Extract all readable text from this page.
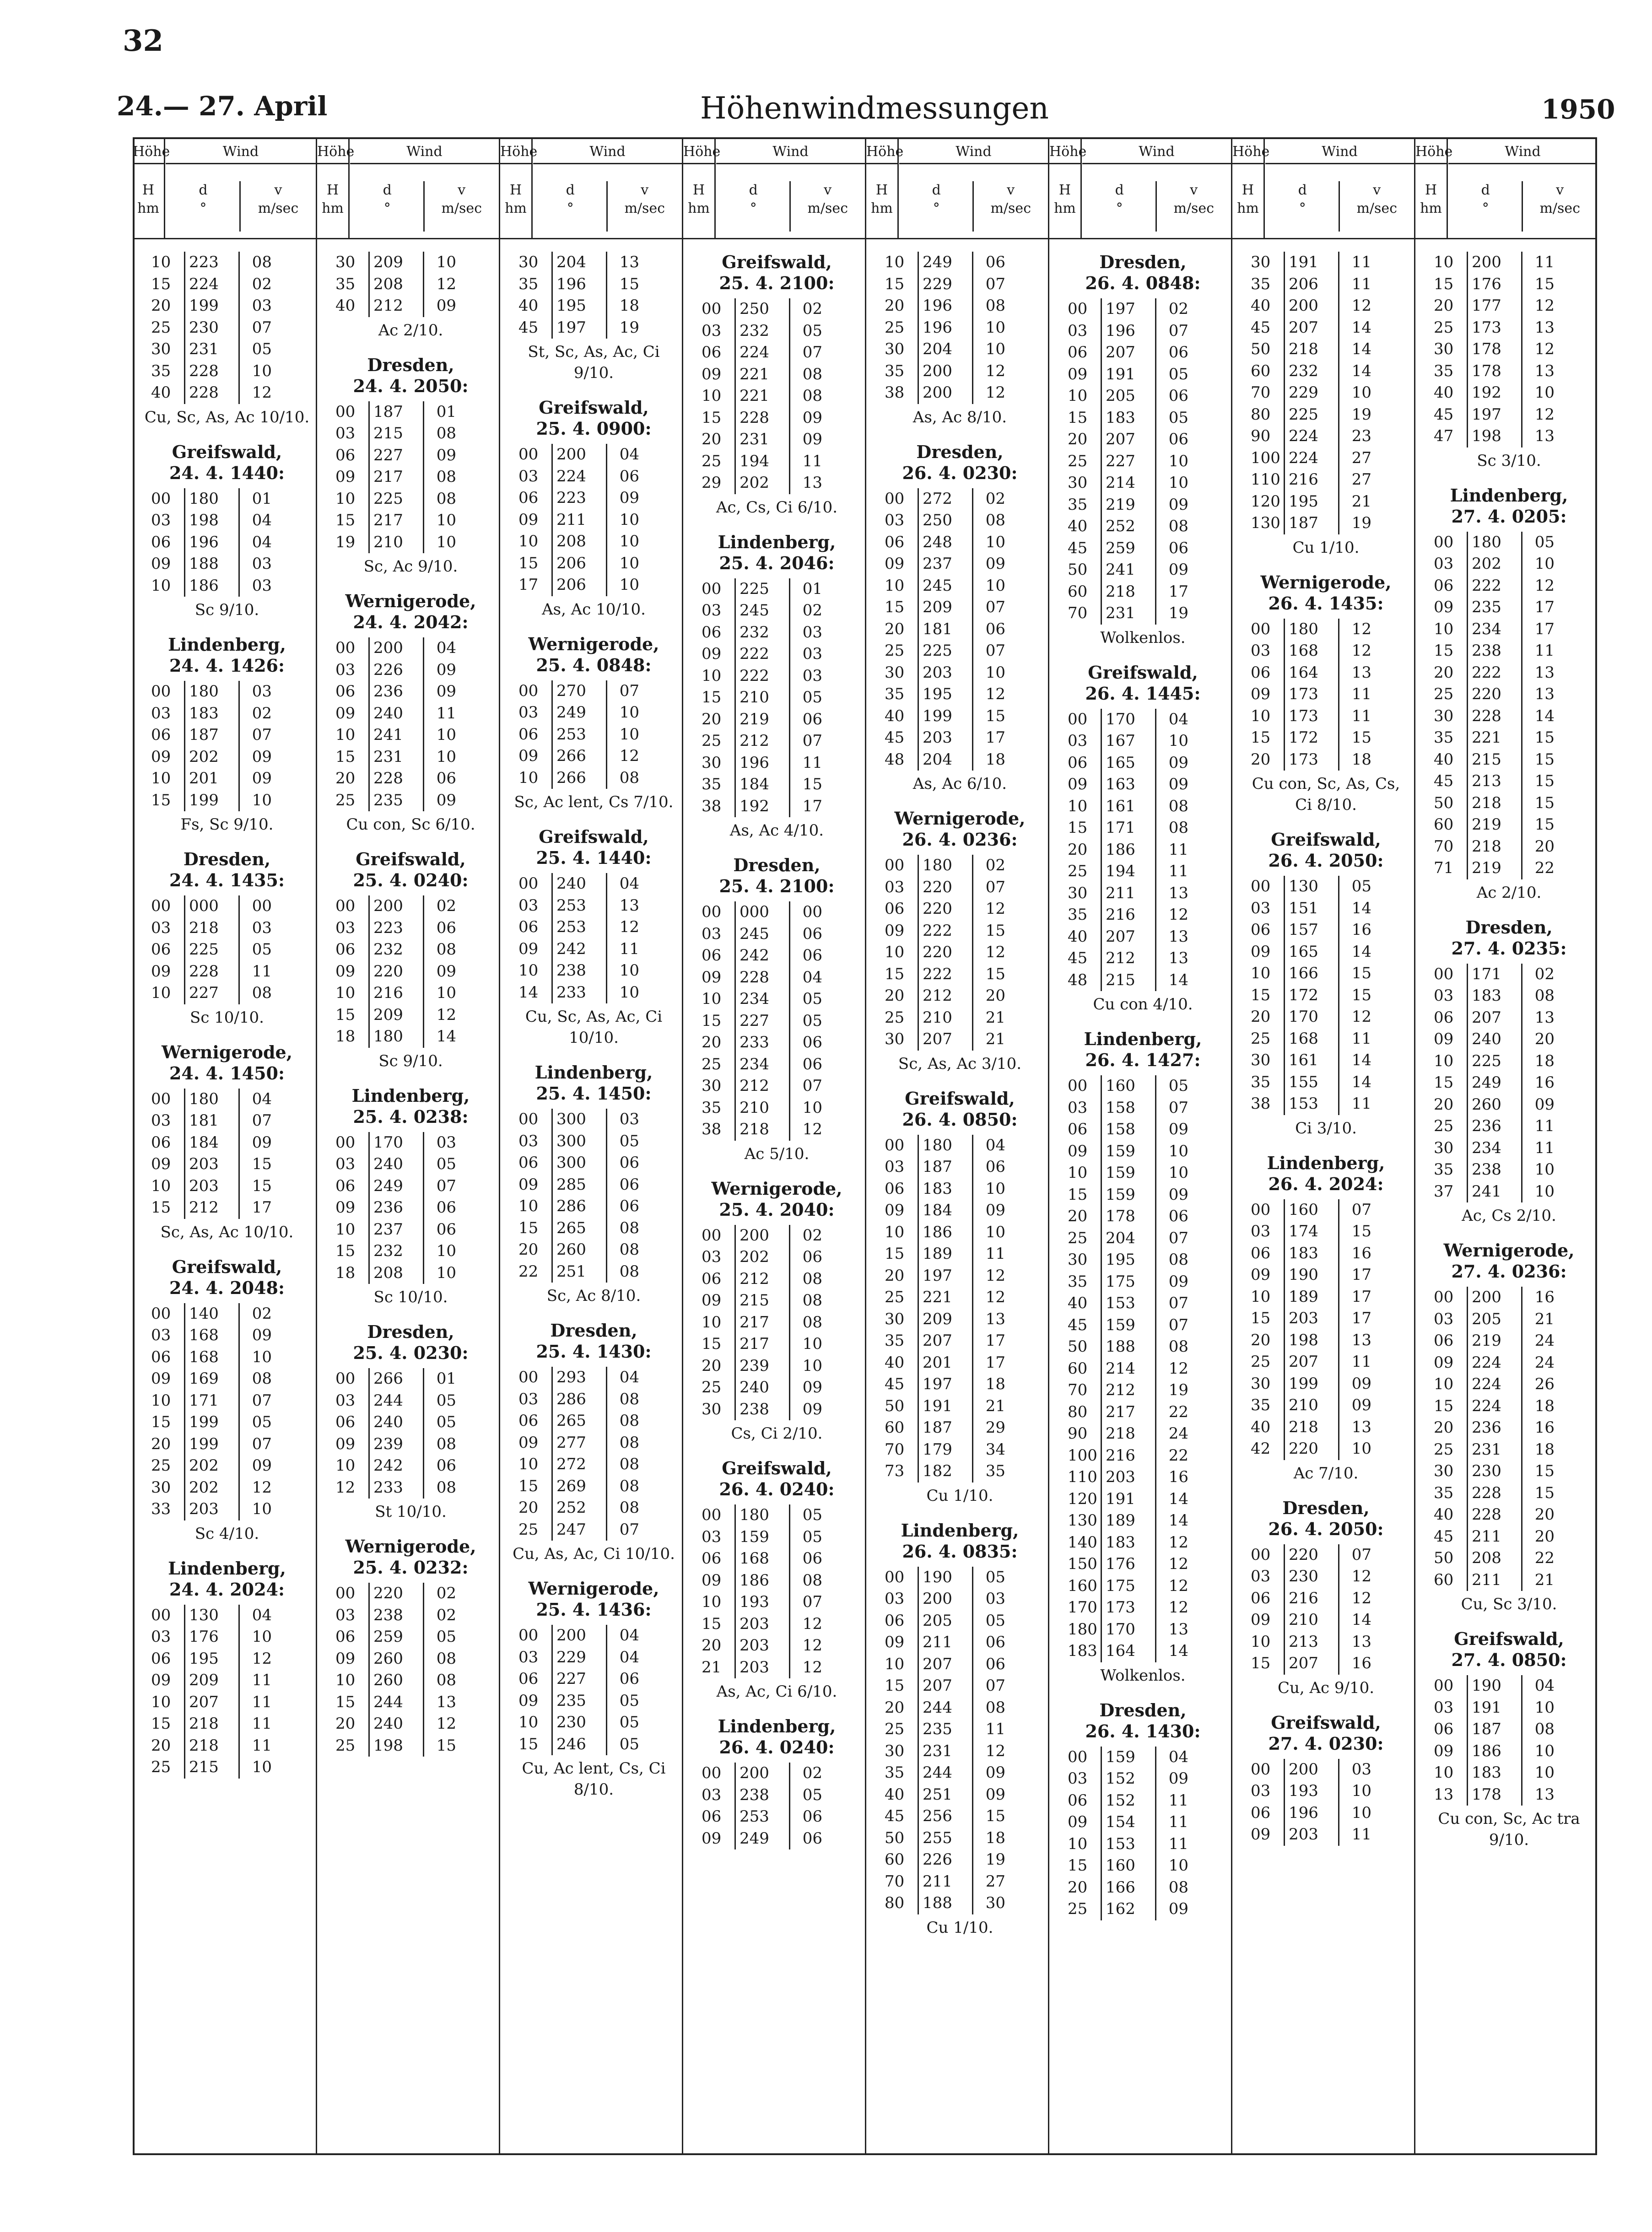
32
24.— 27. April	Höhenwindmessungen	1950
Höhe
H
hm
Wind
d
°
v
m/sec
10	223	08
15	224	02
20	199	03
25	230	07
30	231	05
35	228	10
40	228	12
Cu, Sc, As, Ac 10/10.
Greifswald,
24. 4. 1440:
00	180	01
03	198	04
06	196	04
09	188	03
10	186	03
Sc 9/10.
Lindenberg,
24. 4. 1426:
00	180	03
03	183	02
06	187	07
09	202	09
10	201	09
15	199	10
Fs, Sc 9/10.
Dresden,
24. 4. 1435:
00	000	00
03	218	03
06	225	05
09	228	11
10	227	08
Sc 10/10.
Wernigerode,
24. 4. 1450:
00	180	04
03	181	07
06	184	09
09	203	15
10	203	15
15	212	17
Sc, As, Ac 10/10.
Greifswald,
24. 4. 2048:
00	140	02
03	168	09
06	168	10
09	169	08
10	171	07
15	199	05
20	199	07
25	202	09
30	202	12
33	203	10
Sc 4/10.
Lindenberg,
24. 4. 2024:
00	130	04
03	176	10
06	195	12
09	209	11
10	207	11
15	218	11
20	218	11
25	215	10
Höhe
H
hm
Wind
d
°
v
m/sec
30	209	10
35	208	12
40	212	09
Ac 2/10.
Dresden,
24. 4. 2050:
00	187	01
03	215	08
06	227	09
09	217	08
10	225	08
15	217	10
19	210	10
Sc, Ac 9/10.
Wernigerode,
24. 4. 2042:
00	200	04
03	226	09
06	236	09
09	240	11
10	241	10
15	231	10
20	228	06
25	235	09
Cu con, Sc 6/10.
Greifswald,
25. 4. 0240:
00	200	02
03	223	06
06	232	08
09	220	09
10	216	10
15	209	12
18	180	14
Sc 9/10.
Lindenberg,
25. 4. 0238:
00	170	03
03	240	05
06	249	07
09	236	06
10	237	06
15	232	10
18	208	10
Sc 10/10.
Dresden,
25. 4. 0230:
00	266	01
03	244	05
06	240	05
09	239	08
10	242	06
12	233	08
St 10/10.
Wernigerode,
25. 4. 0232:
00	220	02
03	238	02
06	259	05
09	260	08
10	260	08
15	244	13
20	240	12
25	198	15
Höhe
H
hm
Wind
d
°
v
m/sec
30	204	13
35	196	15
40	195	18
45	197	19
St, Sc, As, Ac, Ci 9/10.
Greifswald,
25. 4. 0900:
00	200	04
03	224	06
06	223	09
09	211	10
10	208	10
15	206	10
17	206	10
As, Ac 10/10.
Wernigerode,
25. 4. 0848:
00	270	07
03	249	10
06	253	10
09	266	12
10	266	08
Sc, Ac lent, Cs 7/10.
Greifswald,
25. 4. 1440:
00	240	04
03	253	13
06	253	12
09	242	11
10	238	10
14	233	10
Cu, Sc, As, Ac, Ci 10/10.
Lindenberg,
25. 4. 1450:
00	300	03
03	300	05
06	300	06
09	285	06
10	286	06
15	265	08
20	260	08
22	251	08
Sc, Ac 8/10.
Dresden,
25. 4. 1430:
00	293	04
03	286	08
06	265	08
09	277	08
10	272	08
15	269	08
20	252	08
25	247	07
Cu, As, Ac, Ci 10/10.
Wernigerode,
25. 4. 1436:
00	200	04
03	229	04
06	227	06
09	235	05
10	230	05
15	246	05
Cu, Ac lent, Cs, Ci 8/10.
Höhe
H
hm
Wind
d
°
v
m/sec
Greifswald,
25. 4. 2100:
00	250	02
03	232	05
06	224	07
09	221	08
10	221	08
15	228	09
20	231	09
25	194	11
29	202	13
Ac, Cs, Ci 6/10.
Lindenberg,
25. 4. 2046:
00	225	01
03	245	02
06	232	03
09	222	03
10	222	03
15	210	05
20	219	06
25	212	07
30	196	11
35	184	15
38	192	17
As, Ac 4/10.
Dresden,
25. 4. 2100:
00	000	00
03	245	06
06	242	06
09	228	04
10	234	05
15	227	05
20	233	06
25	234	06
30	212	07
35	210	10
38	218	12
Ac 5/10.
Wernigerode,
25. 4. 2040:
00	200	02
03	202	06
06	212	08
09	215	08
10	217	08
15	217	10
20	239	10
25	240	09
30	238	09
Cs, Ci 2/10.
Greifswald,
26. 4. 0240:
00	180	05
03	159	05
06	168	06
09	186	08
10	193	07
15	203	12
20	203	12
21	203	12
As, Ac, Ci 6/10.
Lindenberg,
26. 4. 0240:
00	200	02
03	238	05
06	253	06
09	249	06
Höhe
H
hm
Wind
d
°
v
m/sec
10	249	06
15	229	07
20	196	08
25	196	10
30	204	10
35	200	12
38	200	12
As, Ac 8/10.
Dresden,
26. 4. 0230:
00	272	02
03	250	08
06	248	10
09	237	09
10	245	10
15	209	07
20	181	06
25	225	07
30	203	10
35	195	12
40	199	15
45	203	17
48	204	18
As, Ac 6/10.
Wernigerode,
26. 4. 0236:
00	180	02
03	220	07
06	220	12
09	222	15
10	220	12
15	222	15
20	212	20
25	210	21
30	207	21
Sc, As, Ac 3/10.
Greifswald,
26. 4. 0850:
00	180	04
03	187	06
06	183	10
09	184	09
10	186	10
15	189	11
20	197	12
25	221	12
30	209	13
35	207	17
40	201	17
45	197	18
50	191	21
60	187	29
70	179	34
73	182	35
Cu 1/10.
Lindenberg,
26. 4. 0835:
00	190	05
03	200	03
06	205	05
09	211	06
10	207	06
15	207	07
20	244	08
25	235	11
30	231	12
35	244	09
40	251	09
45	256	15
50	255	18
60	226	19
70	211	27
80	188	30
Cu 1/10.
Höhe
H
hm
Wind
d
°
v
m/sec
Dresden,
26. 4. 0848:
00	197	02
03	196	07
06	207	06
09	191	05
10	205	06
15	183	05
20	207	06
25	227	10
30	214	10
35	219	09
40	252	08
45	259	06
50	241	09
60	218	17
70	231	19
Wolkenlos.
Greifswald,
26. 4. 1445:
00	170	04
03	167	10
06	165	09
09	163	09
10	161	08
15	171	08
20	186	11
25	194	11
30	211	13
35	216	12
40	207	13
45	212	13
48	215	14
Cu con 4/10.
Lindenberg,
26. 4. 1427:
00	160	05
03	158	07
06	158	09
09	159	10
10	159	10
15	159	09
20	178	06
25	204	07
30	195	08
35	175	09
40	153	07
45	159	07
50	188	08
60	214	12
70	212	19
80	217	22
90	218	24
100	216	22
110	203	16
120	191	14
130	189	14
140	183	12
150	176	12
160	175	12
170	173	12
180	170	13
183	164	14
Wolkenlos.
Dresden,
26. 4. 1430:
00	159	04
03	152	09
06	152	11
09	154	11
10	153	11
15	160	10
20	166	08
25	162	09
Höhe
H
hm
Wind
d
°
v
m/sec
30	191	11
35	206	11
40	200	12
45	207	14
50	218	14
60	232	14
70	229	10
80	225	19
90	224	23
100	224	27
110	216	27
120	195	21
130	187	19
Cu 1/10.
Wernigerode,
26. 4. 1435:
00	180	12
03	168	12
06	164	13
09	173	11
10	173	11
15	172	15
20	173	18
Cu con, Sc, As, Cs, Ci 8/10.
Greifswald,
26. 4. 2050:
00	130	05
03	151	14
06	157	16
09	165	14
10	166	15
15	172	15
20	170	12
25	168	11
30	161	14
35	155	14
38	153	11
Ci 3/10.
Lindenberg,
26. 4. 2024:
00	160	07
03	174	15
06	183	16
09	190	17
10	189	17
15	203	17
20	198	13
25	207	11
30	199	09
35	210	09
40	218	13
42	220	10
Ac 7/10.
Dresden,
26. 4. 2050:
00	220	07
03	230	12
06	216	12
09	210	14
10	213	13
15	207	16
Cu, Ac 9/10.
Greifswald,
27. 4. 0230:
00	200	03
03	193	10
06	196	10
09	203	11
Höhe
H
hm
Wind
d
°
v
m/sec
10	200	11
15	176	15
20	177	12
25	173	13
30	178	12
35	178	13
40	192	10
45	197	12
47	198	13
Sc 3/10.
Lindenberg,
27. 4. 0205:
00	180	05
03	202	10
06	222	12
09	235	17
10	234	17
15	238	11
20	222	13
25	220	13
30	228	14
35	221	15
40	215	15
45	213	15
50	218	15
60	219	15
70	218	20
71	219	22
Ac 2/10.
Dresden,
27. 4. 0235:
00	171	02
03	183	08
06	207	13
09	240	20
10	225	18
15	249	16
20	260	09
25	236	11
30	234	11
35	238	10
37	241	10
Ac, Cs 2/10.
Wernigerode,
27. 4. 0236:
00	200	16
03	205	21
06	219	24
09	224	24
10	224	26
15	224	18
20	236	16
25	231	18
30	230	15
35	228	15
40	228	20
45	211	20
50	208	22
60	211	21
Cu, Sc 3/10.
Greifswald,
27. 4. 0850:
00	190	04
03	191	10
06	187	08
09	186	10
10	183	10
13	178	13
Cu con, Sc, Ac tra 9/10.
